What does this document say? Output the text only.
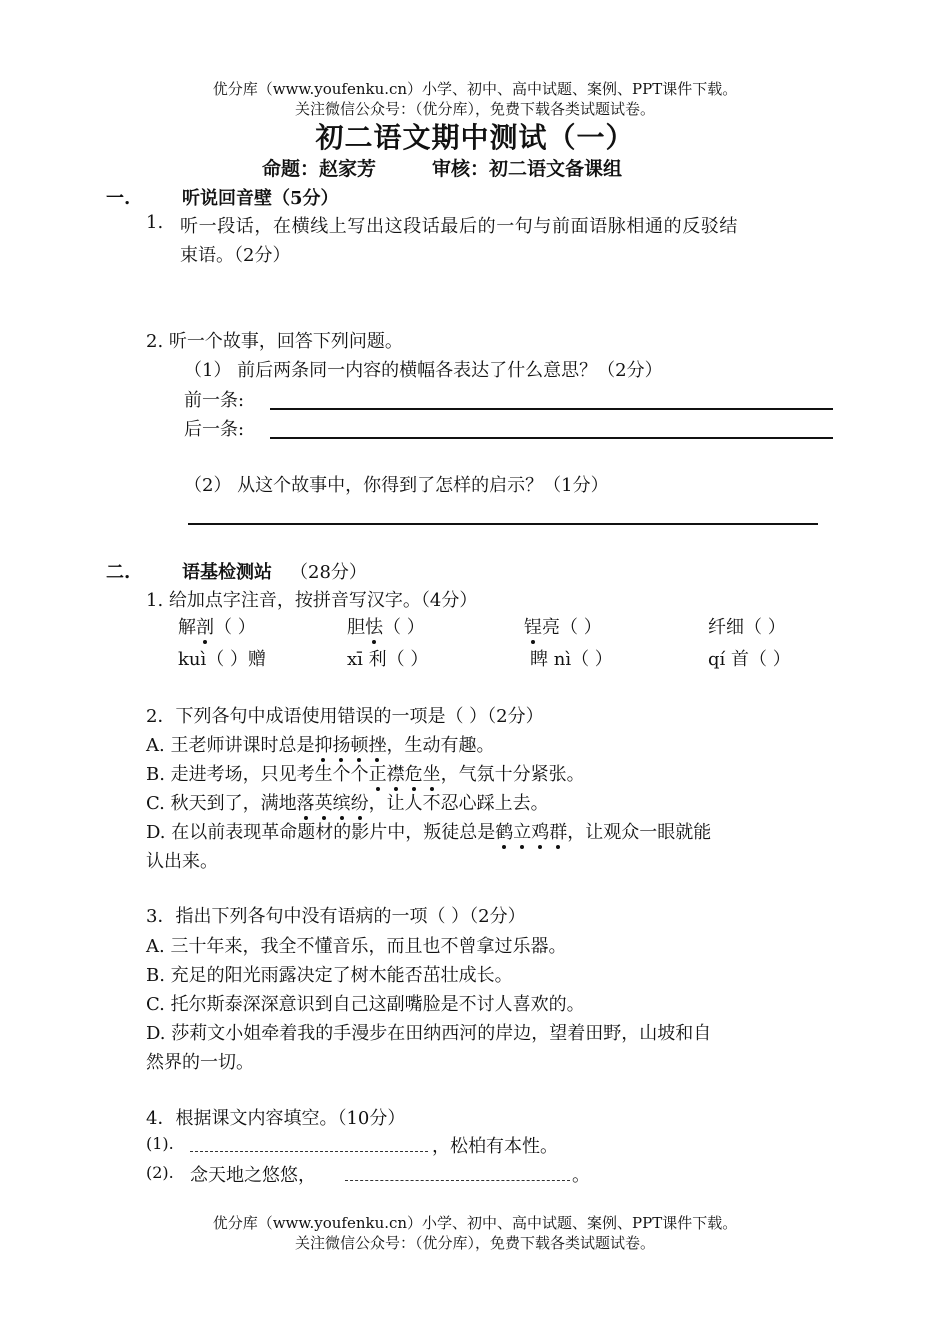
优分库（www.youfenku.cn）小学、初中、高中试题、案例、PPT课件下载。
关注微信公众号：（优分库），免费下载各类试题试卷。
初二语文期中测试（一）
命题：赵家芳	审核：初二语文备课组
一.	听说回音壁（5分）
1. 听一段话，在横线上写出这段话最后的一句与前面语脉相通的反驳结
束语。（2分）
2. 听一个故事，回答下列问题。
（1） 前后两条同一内容的横幅各表达了什么意思？（2分）
前一条:
后一条:
（2） 从这个故事中，你得到了怎样的启示？（1分）
二.	语基检测站 （28分）
1. 给加点字注音，按拼音写汉字。（4分）
解剖（ ）	胆怯（ ）	锃亮（ ）	纤细（ ）
kuì（ ）赠	xī 利（ ）	睥 nì（ ）	qí 首（ ）
2．下列各句中成语使用错误的一项是（ ）（2分）
A. 王老师讲课时总是抑扬顿挫，生动有趣。
B. 走进考场，只见考生个个正襟危坐，气氛十分紧张。
C. 秋天到了，满地落英缤纷，让人不忍心踩上去。
D. 在以前表现革命题材的影片中，叛徒总是鹤立鸡群，让观众一眼就能
认出来。
3．指出下列各句中没有语病的一项（ ）（2分）
A. 三十年来，我全不懂音乐，而且也不曾拿过乐器。
B. 充足的阳光雨露决定了树木能否茁壮成长。
C. 托尔斯泰深深意识到自己这副嘴脸是不讨人喜欢的。
D. 莎莉文小姐牵着我的手漫步在田纳西河的岸边，望着田野，山坡和自
然界的一切。
4．根据课文内容填空。（10分）
(1).	，松柏有本性。
(2). 念天地之悠悠，	。
优分库（www.youfenku.cn）小学、初中、高中试题、案例、PPT课件下载。
关注微信公众号：（优分库），免费下载各类试题试卷。
